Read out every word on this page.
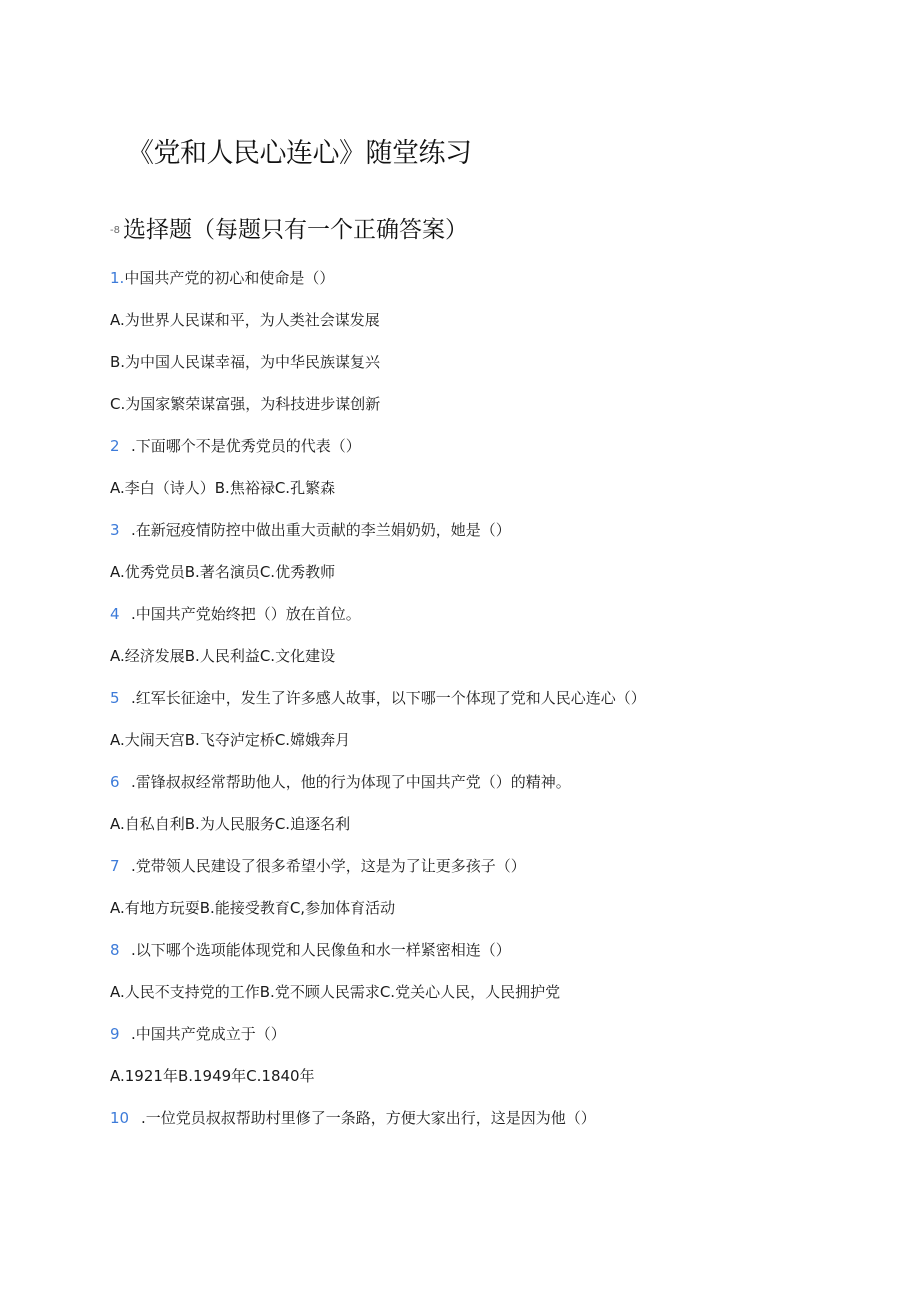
《党和人民心连心》随堂练习
-8 选择题（每题只有一个正确答案）
1.中国共产党的初心和使命是（）
A.为世界人民谋和平，为人类社会谋发展
B.为中国人民谋幸福，为中华民族谋复兴
C.为国家繁荣谋富强，为科技进步谋创新
2 .下面哪个不是优秀党员的代表（）
A.李白（诗人）B.焦裕禄C.孔繁森
3 .在新冠疫情防控中做出重大贡献的李兰娟奶奶，她是（）
A.优秀党员B.著名演员C.优秀教师
4 .中国共产党始终把（）放在首位。
A.经济发展B.人民利益C.文化建设
5 .红军长征途中，发生了许多感人故事，以下哪一个体现了党和人民心连心（）
A.大闹天宫B.飞夺泸定桥C.嫦娥奔月
6 .雷锋叔叔经常帮助他人，他的行为体现了中国共产党（）的精神。
A.自私自利B.为人民服务C.追逐名利
7 .党带领人民建设了很多希望小学，这是为了让更多孩子（）
A.有地方玩耍B.能接受教育C,参加体育活动
8 .以下哪个选项能体现党和人民像鱼和水一样紧密相连（）
A.人民不支持党的工作B.党不顾人民需求C.党关心人民，人民拥护党
9 .中国共产党成立于（）
A.1921年B.1949年C.1840年
10 .一位党员叔叔帮助村里修了一条路，方便大家出行，这是因为他（）
